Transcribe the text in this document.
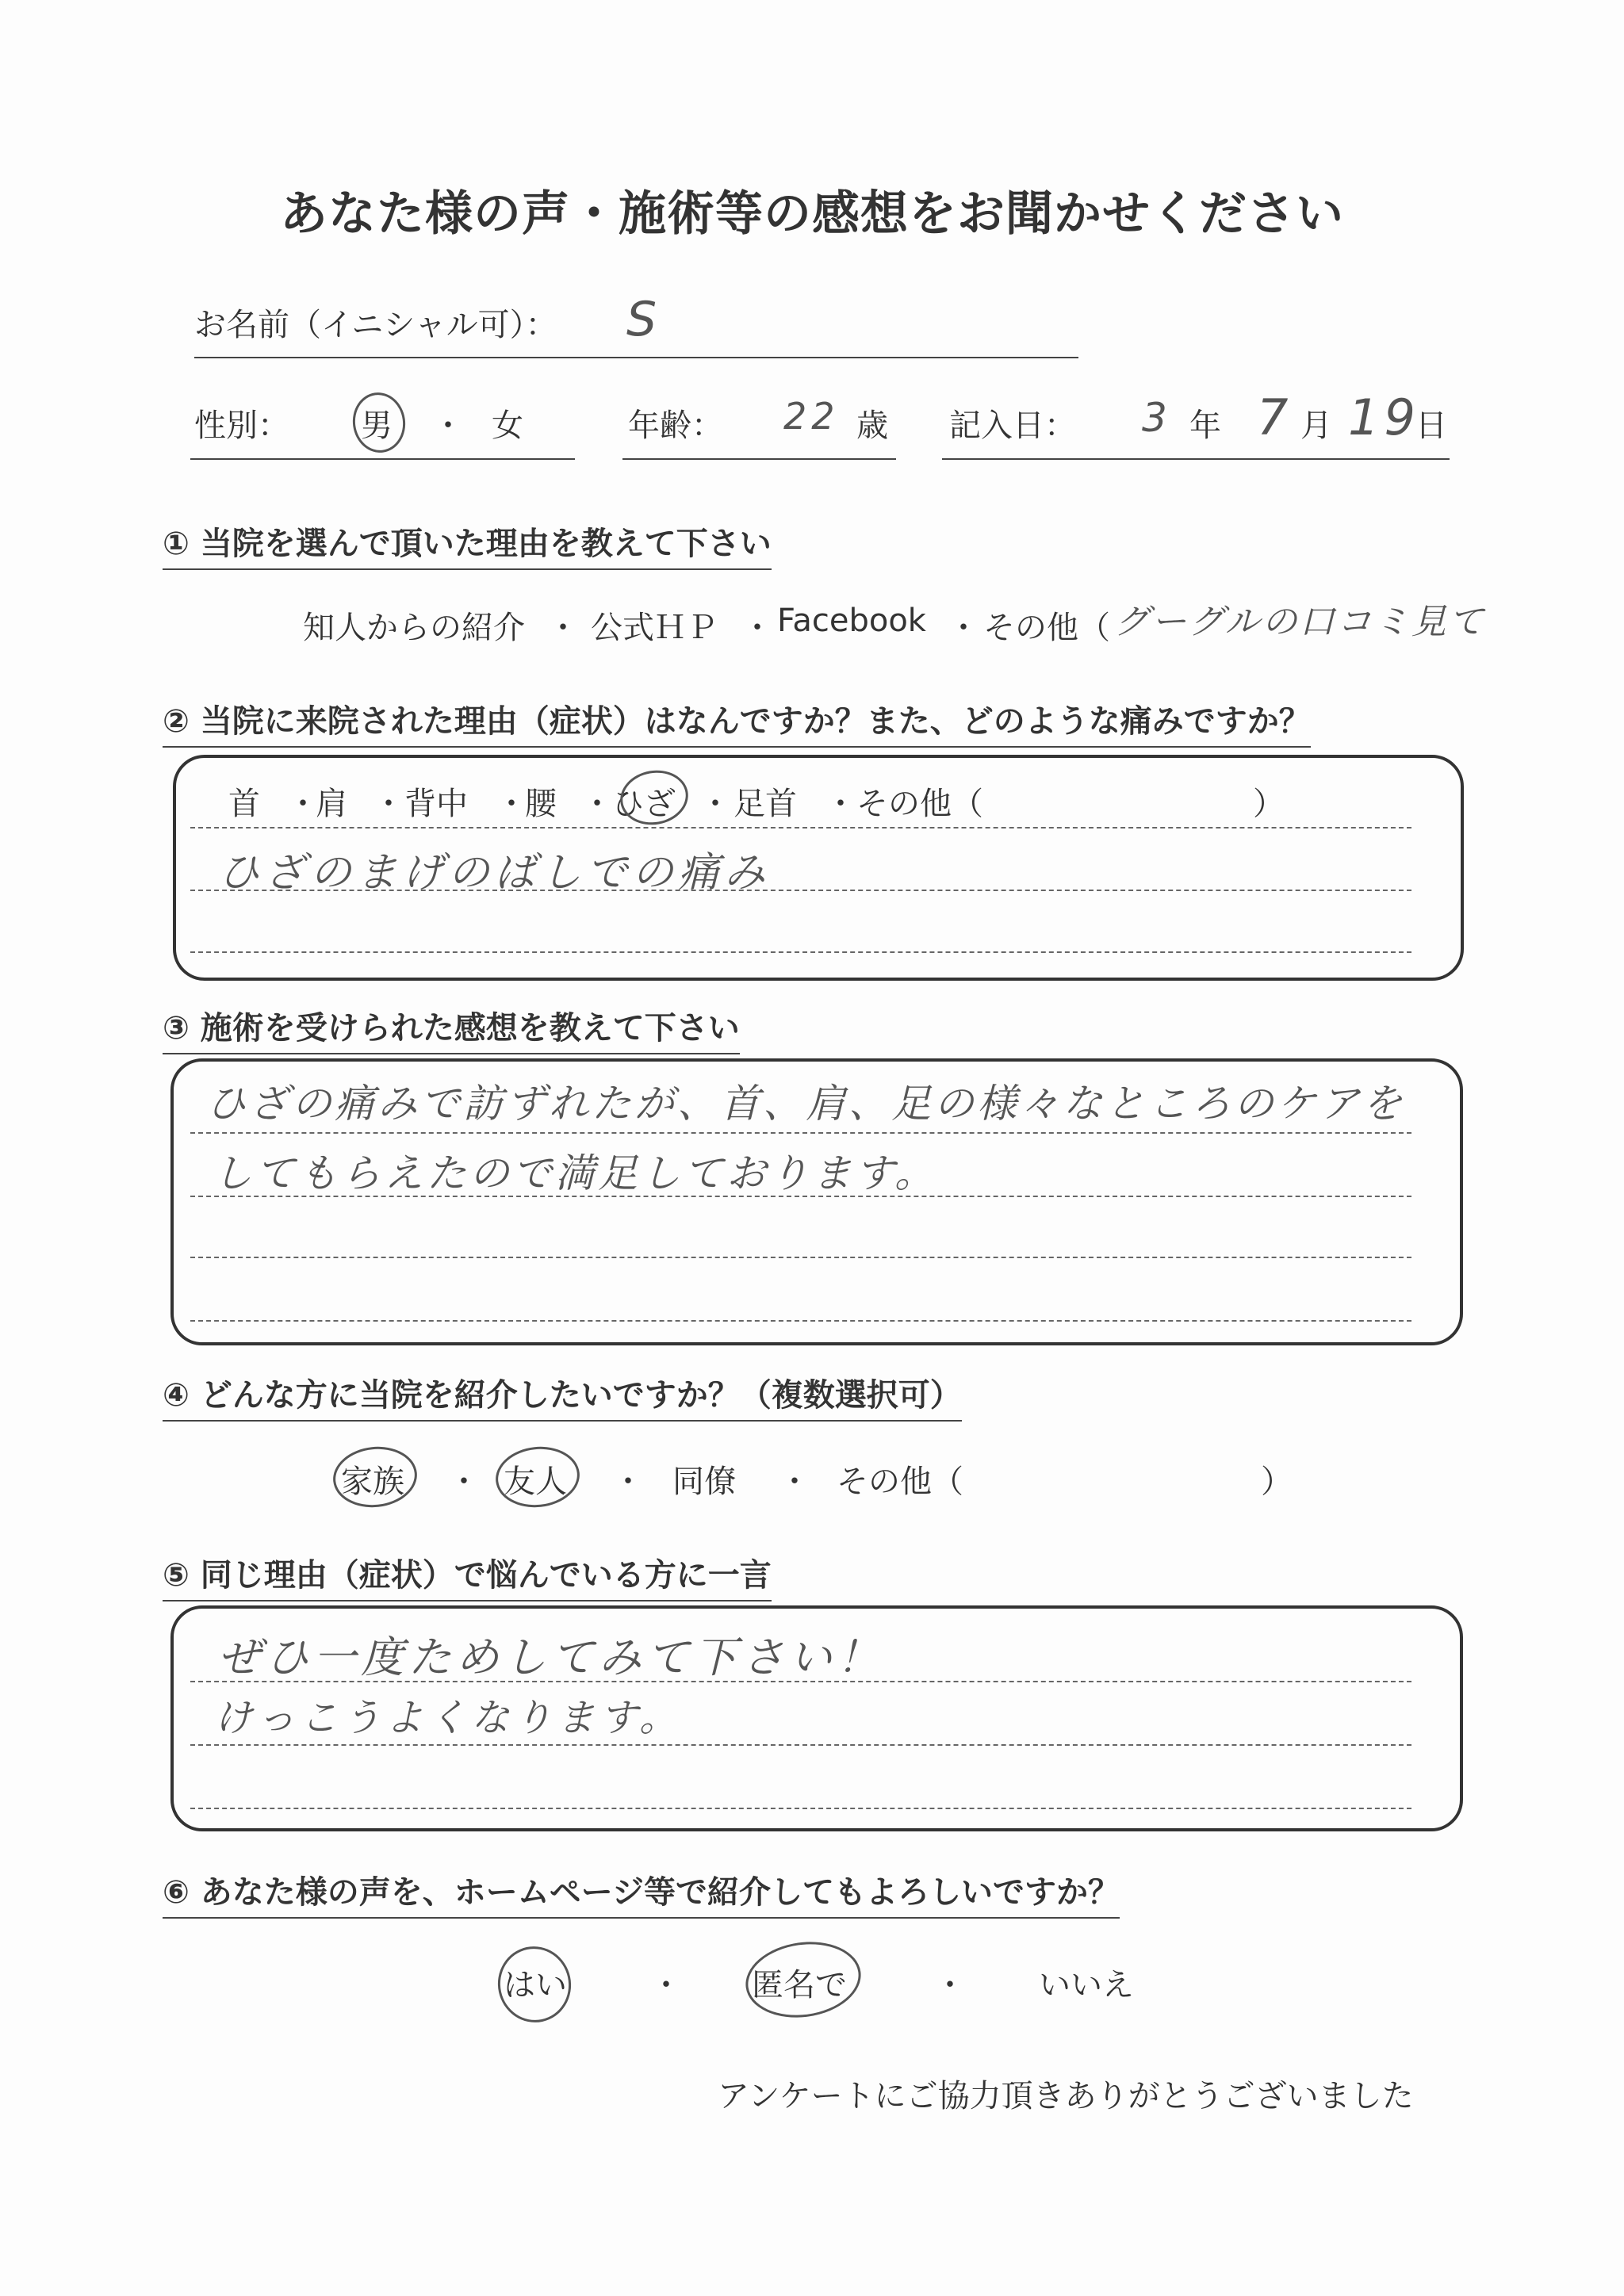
あなた様の声・施術等の感想をお聞かせください
お名前（イニシャル可）： S
性別： 男 ・ 女	年齢： 22 歳 記入日： 3 年 7 月 19
日
① 当院を選んで頂いた理由を教えて下さい
知人からの紹介 ・ 公式ＨＰ ・ Facebook ・ その他（ グーグルの口コミ見て
② 当院に来院された理由（症状）はなんですか？また、どのような痛みですか？
首 ・
肩 ・ 背中 ・
腰 ・ ひざ ・ 足首 ・ その他（	）
ひざのまげのばしでの痛み
③ 施術を受けられた感想を教えて下さい
ひざの痛みで訪ずれたが、首、肩、足の様々なところのケアを
してもらえたので満足しております。
④ どんな方に当院を紹介したいですか？（複数選択可）
家族 ・ 友人 ・ 同僚 ・ その他（	）
⑤ 同じ理由（症状）で悩んでいる方に一言
ぜひ一度ためしてみて下さい！
けっこうよくなります。
⑥ あなた様の声を、ホームページ等で紹介してもよろしいですか？
はい	・ 匿名で	・ いいえ
アンケートにご協力頂きありがとうございました
